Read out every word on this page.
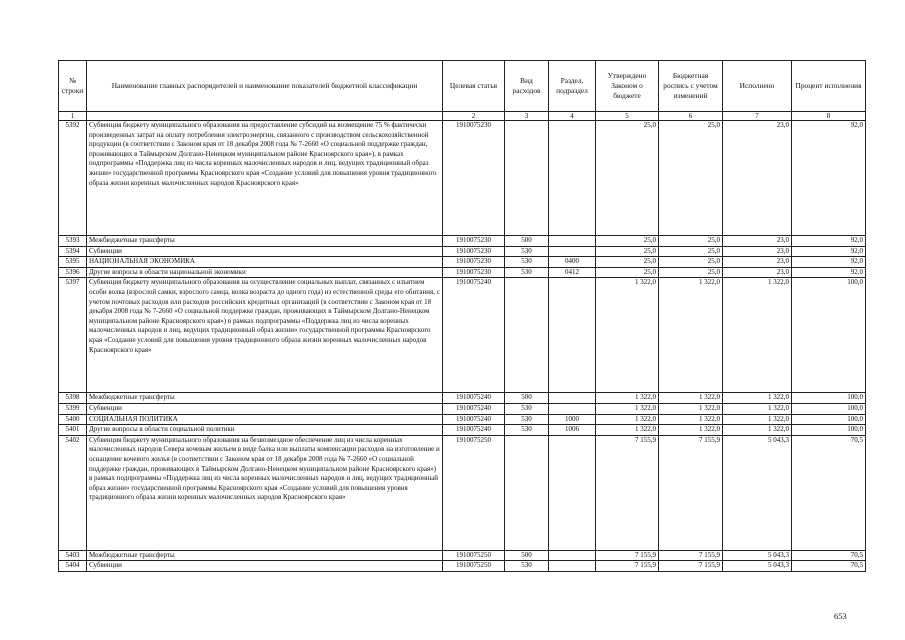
№ строки	Наименование главных распорядителей и наименование показателей бюджетной классификации	Целевая статья	Вид расходов	Раздел, подраздел	Утверждено Законом о бюджете	Бюджетная роспись с учетом изменений	Исполнено	Процент исполнения
1		2	3	4	5	6	7	8
5392	Субвенция бюджету муниципального образования на предоставление субсидий на возмещение 75 % фактически произведенных затрат на оплату потребления электроэнергии, связанного с производством сельскохозяйственной продукции (в соответствии с Законом края от 18 декабря 2008 года № 7-2660 «О социальной поддержке граждан, проживающих в Таймырском Долгано-Ненецком муниципальном районе Красноярского края»), в рамках подпрограммы «Поддержка лиц из числа коренных малочисленных народов и лиц, ведущих традиционный образ жизни» государственной программы Красноярского края «Создание условий для повышения уровня традиционного образа жизни коренных малочисленных народов Красноярского края»	1910075230			25,0	25,0	23,0	92,0
5393	Межбюджетные трансферты	1910075230	500		25,0	25,0	23,0	92,0
5394	Субвенции	1910075230	530		25,0	25,0	23,0	92,0
5395	НАЦИОНАЛЬНАЯ ЭКОНОМИКА	1910075230	530	0400	25,0	25,0	23,0	92,0
5396	Другие вопросы в области национальной экономики	1910075230	530	0412	25,0	25,0	23,0	92,0
5397	Субвенция бюджету муниципального образования на осуществление социальных выплат, связанных с изъятием особи волка (взрослой самки, взрослого самца, волка возраста до одного года) из естественной среды его обитания, с учетом почтовых расходов или расходов российских кредитных организаций (в соответствии с Законом края от 18 декабря 2008 года № 7-2660 «О социальной поддержке граждан, проживающих в Таймырском Долгано-Ненецком муниципальном районе Красноярского края») в рамках подпрограммы «Поддержка лиц из числа коренных малочисленных народов и лиц, ведущих традиционный образ жизни» государственной программы Красноярского края «Создание условий для повышения уровня традиционного образа жизни коренных малочисленных народов Красноярского края»	1910075240			1 322,0	1 322,0	1 322,0	100,0
5398	Межбюджетные трансферты	1910075240	500		1 322,0	1 322,0	1 322,0	100,0
5399	Субвенции	1910075240	530		1 322,0	1 322,0	1 322,0	100,0
5400	СОЦИАЛЬНАЯ ПОЛИТИКА	1910075240	530	1000	1 322,0	1 322,0	1 322,0	100,0
5401	Другие вопросы в области социальной политики	1910075240	530	1006	1 322,0	1 322,0	1 322,0	100,0
5402	Субвенция бюджету муниципального образования на безвозмездное обеспечение лиц из числа коренных малочисленных народов Севера кочевым жильем в виде балка или выплаты компенсации расходов на изготовление и оснащение кочевого жилья (в соответствии с Законом края от 18 декабря 2008 года № 7-2660 «О социальной поддержке граждан, проживающих в Таймырском Долгано-Ненецком муниципальном районе Красноярского края») в рамках подпрограммы «Поддержка лиц из числа коренных малочисленных народов и лиц, ведущих традиционный образ жизни» государственной программы Красноярского края «Создание условий для повышения уровня традиционного образа жизни коренных малочисленных народов Красноярского края»	1910075250			7 155,9	7 155,9	5 043,3	70,5
5403	Межбюджетные трансферты	1910075250	500		7 155,9	7 155,9	5 043,3	70,5
5404	Субвенции	1910075250	530		7 155,9	7 155,9	5 043,3	70,5
653
